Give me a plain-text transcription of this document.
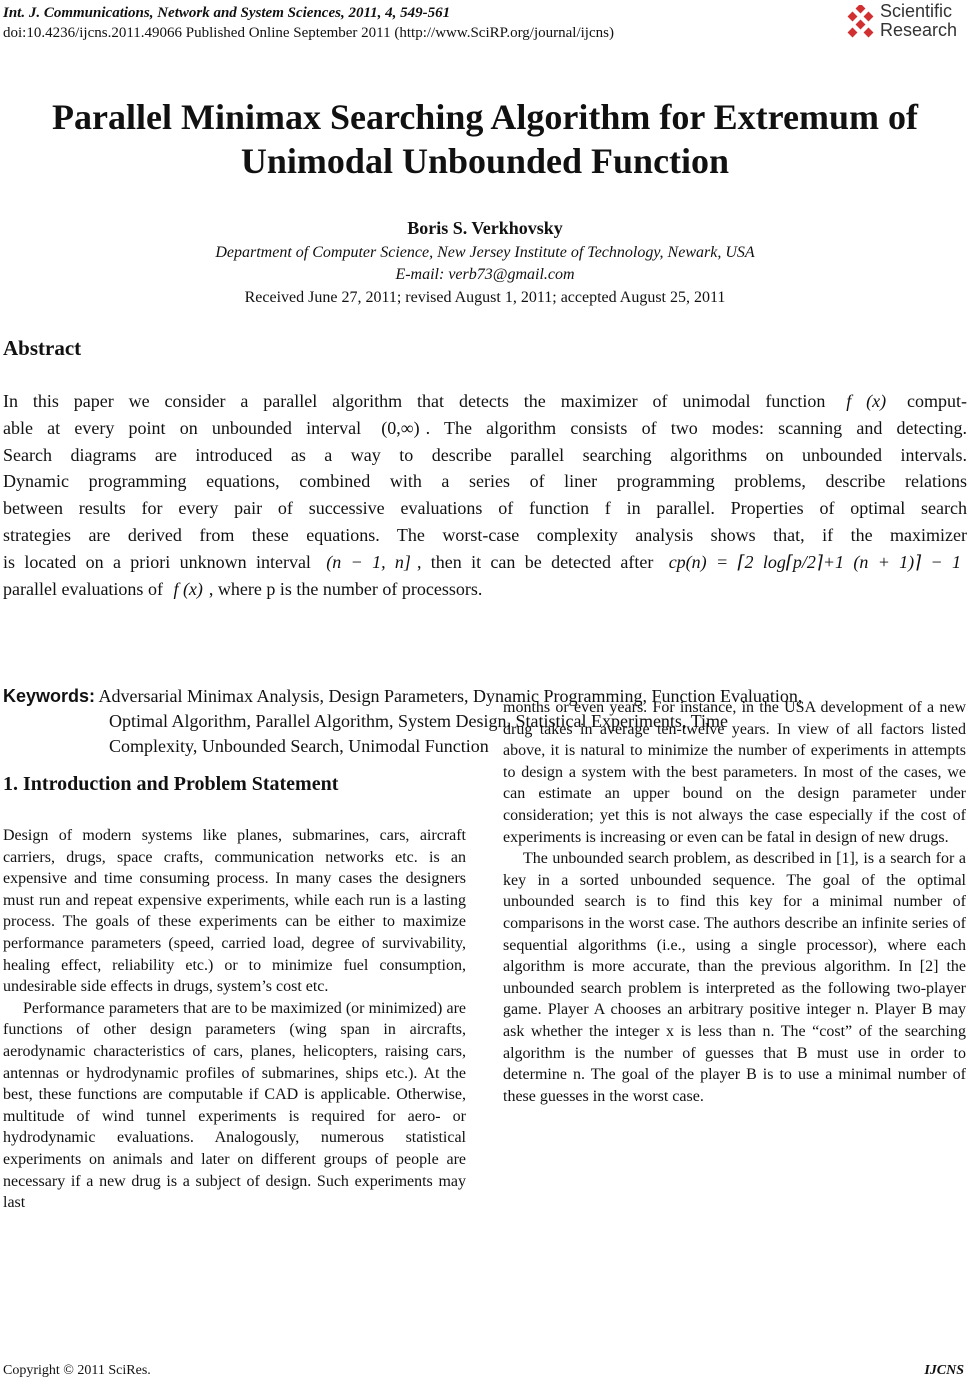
Int. J. Communications, Network and System Sciences, 2011, 4, 549-561
doi:10.4236/ijcns.2011.49066 Published Online September 2011 (http://www.SciRP.org/journal/ijcns)
Scientific
Research
Parallel Minimax Searching Algorithm for Extremum of
Unimodal Unbounded Function
Boris S. Verkhovsky
Department of Computer Science, New Jersey Institute of Technology, Newark, USA
E-mail: verb73@gmail.com
Received June 27, 2011; revised August 1, 2011; accepted August 25, 2011
Abstract
In this paper we consider a parallel algorithm that detects the maximizer of unimodal function f (x) comput-
able at every point on unbounded interval (0,∞) . The algorithm consists of two modes: scanning and detecting.
Search diagrams are introduced as a way to describe parallel searching algorithms on unbounded intervals.
Dynamic programming equations, combined with a series of liner programming problems, describe relations
between results for every pair of successive evaluations of function f in parallel. Properties of optimal search
strategies are derived from these equations. The worst-case complexity analysis shows that, if the maximizer
is located on a priori unknown interval (n − 1, n] , then it can be detected after cp(n) = ⌈2 log⌈p/2⌉+1 (n + 1)⌉ − 1
parallel evaluations of f (x) , where p is the number of processors.
Keywords: Adversarial Minimax Analysis, Design Parameters, Dynamic Programming, Function Evaluation,
Optimal Algorithm, Parallel Algorithm, System Design, Statistical Experiments, Time
Complexity, Unbounded Search, Unimodal Function
1. Introduction and Problem Statement

Design of modern systems like planes, submarines, cars, aircraft carriers, drugs, space crafts, communication networks etc. is an expensive and time consuming process. In many cases the designers must run and repeat expensive experiments, while each run is a lasting process. The goals of these experiments can be either to maximize performance parameters (speed, carried load, degree of survivability, healing effect, reliability etc.) or to minimize fuel consumption, undesirable side effects in drugs, system’s cost etc.

Performance parameters that are to be maximized (or minimized) are functions of other design parameters (wing span in aircrafts, aerodynamic characteristics of cars, planes, helicopters, raising cars, antennas or hydrodynamic profiles of submarines, ships etc.). At the best, these functions are computable if CAD is applicable. Otherwise, multitude of wind tunnel experiments is required for aero- or hydrodynamic evaluations. Analogously, numerous statistical experiments on animals and later on different groups of people are necessary if a new drug is a subject of design. Such experiments may last

months or even years. For instance, in the USA development of a new drug takes in average ten-twelve years. In view of all factors listed above, it is natural to minimize the number of experiments in attempts to design a system with the best parameters. In most of the cases, we can estimate an upper bound on the design parameter under consideration; yet this is not always the case especially if the cost of experiments is increasing or even can be fatal in design of new drugs.

The unbounded search problem, as described in [1], is a search for a key in a sorted unbounded sequence. The goal of the optimal unbounded search is to find this key for a minimal number of comparisons in the worst case. The authors describe an infinite series of sequential algorithms (i.e., using a single processor), where each algorithm is more accurate, than the previous algorithm. In [2] the unbounded search problem is interpreted as the following two-player game. Player A chooses an arbitrary positive integer n. Player B may ask whether the integer x is less than n. The “cost” of the searching algorithm is the number of guesses that B must use in order to determine n. The goal of the player B is to use a minimal number of these guesses in the worst case.

Copyright © 2011 SciRes.	IJCNS
